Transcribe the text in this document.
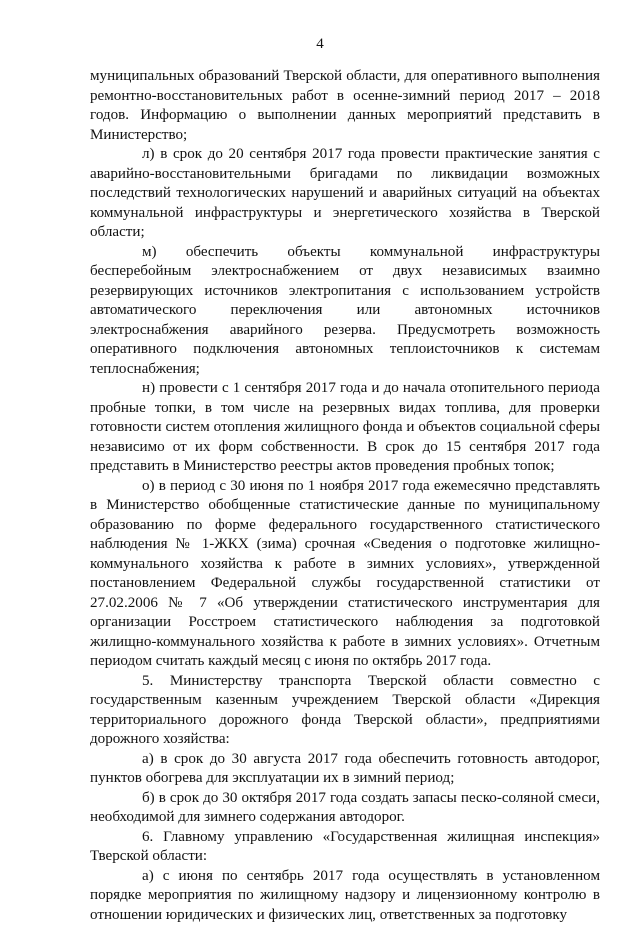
4

муниципальных образований Тверской области, для оперативного выполнения ремонтно-восстановительных работ в осенне-зимний период 2017 – 2018 годов. Информацию о выполнении данных мероприятий представить в Министерство;

л) в срок до 20 сентября 2017 года провести практические занятия с аварийно-восстановительными бригадами по ликвидации возможных последствий технологических нарушений и аварийных ситуаций на объектах коммунальной инфраструктуры и энергетического хозяйства в Тверской области;

м) обеспечить объекты коммунальной инфраструктуры бесперебойным электроснабжением от двух независимых взаимно резервирующих источников электропитания с использованием устройств автоматического переключения или автономных источников электроснабжения аварийного резерва. Предусмотреть возможность оперативного подключения автономных теплоисточников к системам теплоснабжения;

н) провести с 1 сентября 2017 года и до начала отопительного периода пробные топки, в том числе на резервных видах топлива, для проверки готовности систем отопления жилищного фонда и объектов социальной сферы независимо от их форм собственности. В срок до 15 сентября 2017 года представить в Министерство реестры актов проведения пробных топок;

о) в период с 30 июня по 1 ноября 2017 года ежемесячно представлять в Министерство обобщенные статистические данные по муниципальному образованию по форме федерального государственного статистического наблюдения № 1-ЖКХ (зима) срочная «Сведения о подготовке жилищно-коммунального хозяйства к работе в зимних условиях», утвержденной постановлением Федеральной службы государственной статистики от 27.02.2006 № 7 «Об утверждении статистического инструментария для организации Росстроем статистического наблюдения за подготовкой жилищно-коммунального хозяйства к работе в зимних условиях». Отчетным периодом считать каждый месяц с июня по октябрь 2017 года.

5. Министерству транспорта Тверской области совместно с государственным казенным учреждением Тверской области «Дирекция территориального дорожного фонда Тверской области», предприятиями дорожного хозяйства:

а) в срок до 30 августа 2017 года обеспечить готовность автодорог, пунктов обогрева для эксплуатации их в зимний период;

б) в срок до 30 октября 2017 года создать запасы песко-соляной смеси, необходимой для зимнего содержания автодорог.

6. Главному управлению «Государственная жилищная инспекция» Тверской области:

а) с июня по сентябрь 2017 года осуществлять в установленном порядке мероприятия по жилищному надзору и лицензионному контролю в отношении юридических и физических лиц, ответственных за подготовку
